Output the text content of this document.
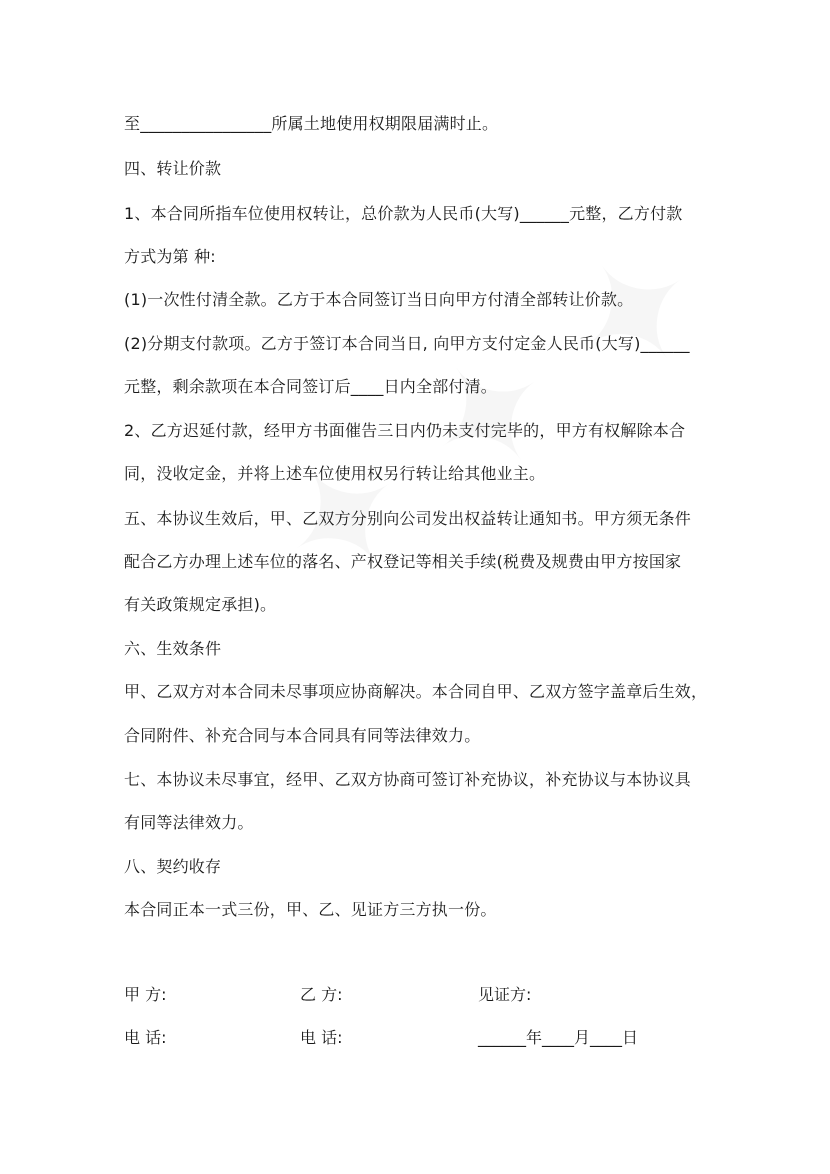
至________________所属土地使用权期限届满时止。
四、转让价款
1、本合同所指车位使用权转让，总价款为人民币(大写)______元整，乙方付款
方式为第 种:
(1)一次性付清全款。乙方于本合同签订当日向甲方付清全部转让价款。
(2)分期支付款项。乙方于签订本合同当日, 向甲方支付定金人民币(大写)______
元整，剩余款项在本合同签订后____日内全部付清。
2、乙方迟延付款，经甲方书面催告三日内仍未支付完毕的，甲方有权解除本合
同，没收定金，并将上述车位使用权另行转让给其他业主。
五、本协议生效后，甲、乙双方分别向公司发出权益转让通知书。甲方须无条件
配合乙方办理上述车位的落名、产权登记等相关手续(税费及规费由甲方按国家
有关政策规定承担)。
六、生效条件
甲、乙双方对本合同未尽事项应协商解决。本合同自甲、乙双方签字盖章后生效，
合同附件、补充合同与本合同具有同等法律效力。
七、本协议未尽事宜，经甲、乙双方协商可签订补充协议，补充协议与本协议具
有同等法律效力。
八、契约收存
本合同正本一式三份，甲、乙、见证方三方执一份。
甲 方:	乙 方:	见证方:
电 话:	电 话:	______年____月____日
